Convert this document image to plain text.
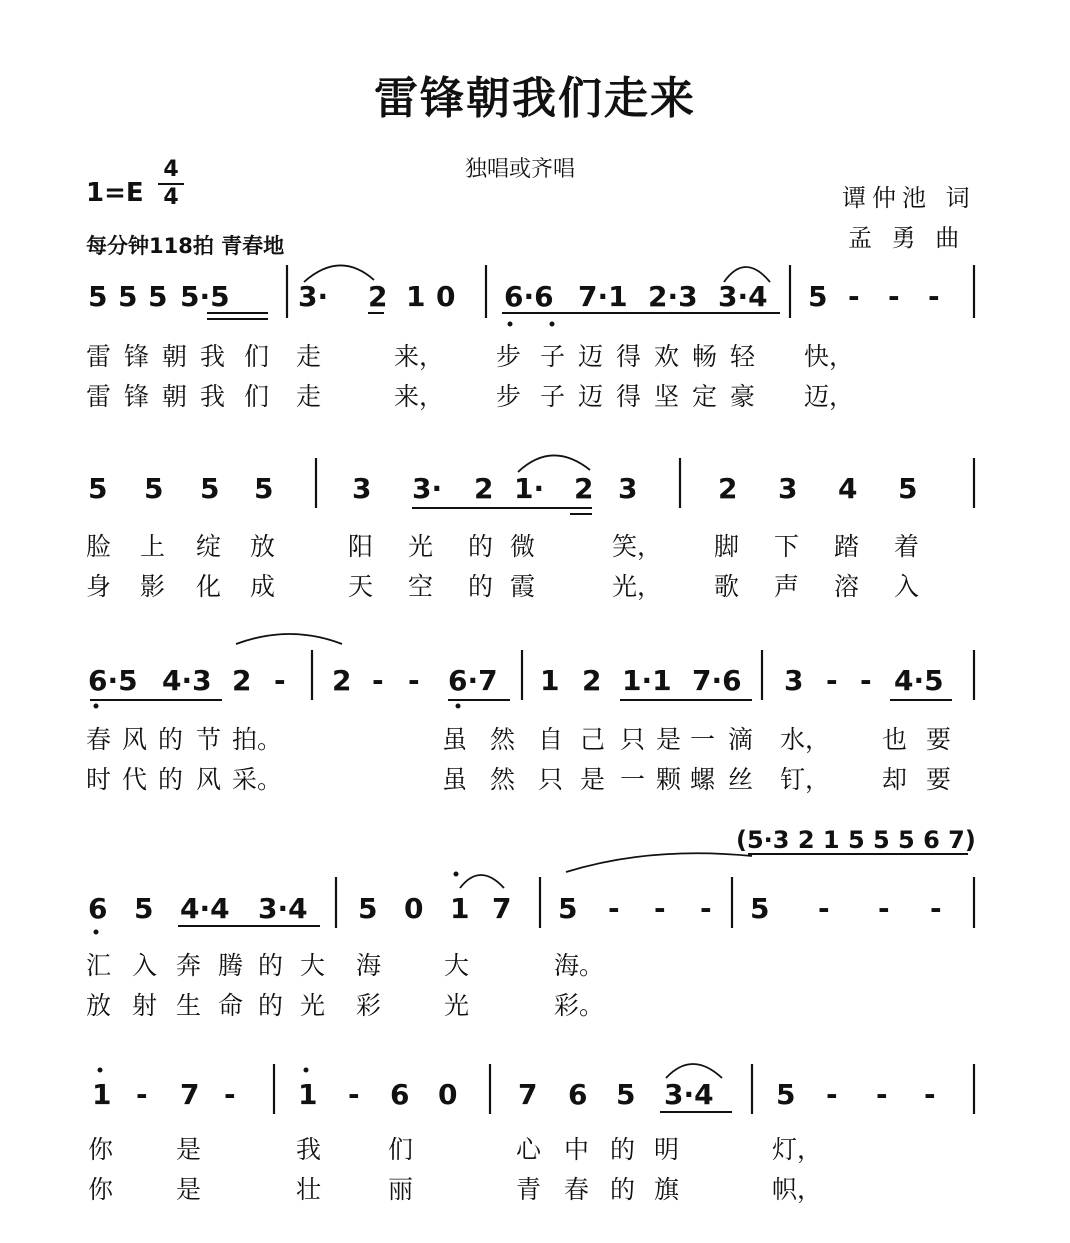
雷锋朝我们走来
独唱或齐唱
1=E
4
4
每分钟118拍 青春地
谭仲池 词
孟 勇 曲
5 5 5 5·5 3· 2 1 0 6·6 7·1 2·3 3·4 5 - - -
雷 锋 朝 我 们 走	来， 步 子 迈 得 欢 畅 轻 快，
雷 锋 朝 我 们 走	来， 步 子 迈 得 坚 定 豪 迈，
5 5 5 5	3 3· 2 1· 2 3	2 3 4 5
脸 上 绽 放	阳 光 的 微	笑， 脚 下 踏 着
身 影 化 成	天 空 的 霞	光， 歌 声 溶 入
6·5 4·3 2 - 2 - - 6·7 1 2 1·1 7·6 3 - - 4·5
春 风 的 节 拍。	虽 然 自 己 只 是 一 滴 水， 也 要
时 代 的 风 采。	虽 然 只 是 一 颗 螺 丝 钉， 却 要
(5·3 2 1 5 5 5 6 7)
6 5 4·4 3·4 5 0 1 7 5 - - - 5 - - -
汇 入 奔 腾 的 大 海	大	海。
放 射 生 命 的 光 彩	光	彩。
1 - 7 - 1 - 6 0 7 6 5 3·4 5 - - -
你	是	我	们	心 中 的 明	灯，
你	是	壮	丽	青 春 的 旗	帜，
